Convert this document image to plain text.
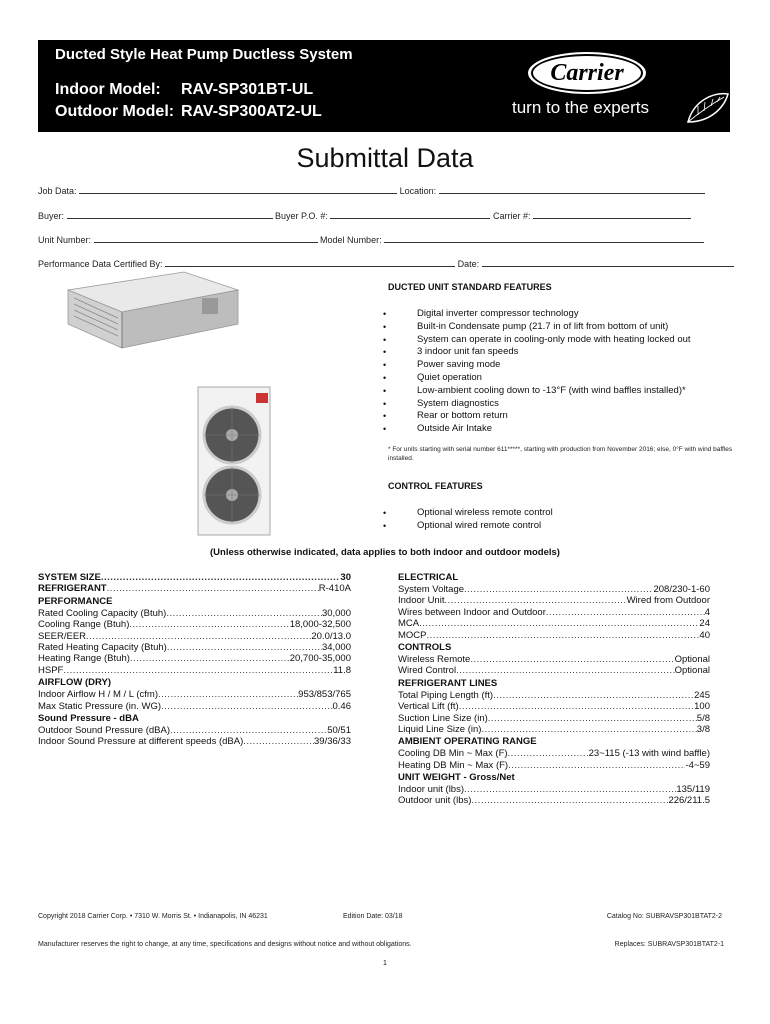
Ducted Style Heat Pump Ductless System
Indoor Model: RAV-SP301BT-UL
Outdoor Model: RAV-SP300AT2-UL
Carrier
turn to the experts
Submittal Data
Job Data:	Location:
Buyer:	Buyer P.O. #:	Carrier #:
Unit Number:	Model Number:
Performance Data Certified By:	Date:
DUCTED UNIT STANDARD FEATURES
• Digital inverter compressor technology
• Built-in Condensate pump (21.7 in of lift from bottom of unit)
• System can operate in cooling-only mode with heating locked out
• 3 indoor unit fan speeds
• Power saving mode
• Quiet operation
• Low-ambient cooling down to -13°F (with wind baffles installed)*
• System diagnostics
• Rear or bottom return
• Outside Air Intake
* For units starting with serial number 611*****, starting with production from November 2016; else, 0°F with wind baffles installed.
CONTROL FEATURES
• Optional wireless remote control
• Optional wired remote control
(Unless otherwise indicated, data applies to both indoor and outdoor models)
SYSTEM SIZE .....	30
REFRIGERANT .....	R-410A
PERFORMANCE
Rated Cooling Capacity (Btuh) .....	30,000
Cooling Range (Btuh) .....	18,000-32,500
SEER/EER .....	20.0/13.0
Rated Heating Capacity (Btuh) .....	34,000
Heating Range (Btuh) .....	20,700-35,000
HSPF .....	11.8
AIRFLOW (DRY)
Indoor Airflow H / M / L (cfm) .....	953/853/765
Max Static Pressure (in. WG) .....	0.46
Sound Pressure - dBA
Outdoor Sound Pressure (dBA) .....	50/51
Indoor Sound Pressure at different speeds (dBA) .....	39/36/33
ELECTRICAL
System Voltage .....	208/230-1-60
Indoor Unit .....	Wired from Outdoor
Wires between Indoor and Outdoor .....	4
MCA .....	24
MOCP .....	40
CONTROLS
Wireless Remote .....	Optional
Wired Control .....	Optional
REFRIGERANT LINES
Total Piping Length (ft) .....	245
Vertical Lift (ft) .....	100
Suction Line Size (in) .....	5/8
Liquid Line Size (in) .....	3/8
AMBIENT OPERATING RANGE
Cooling DB Min ~ Max (F) .....	23~115 (-13 with wind baffle)
Heating DB Min ~ Max (F) .....	-4~59
UNIT WEIGHT - Gross/Net
Indoor unit (lbs) .....	135/119
Outdoor unit (lbs) .....	226/211.5
Copyright 2018 Carrier Corp. • 7310 W. Morris St. • Indianapolis, IN 46231	Edition Date: 03/18	Catalog No: SUBRAVSP301BTAT2-2
Manufacturer reserves the right to change, at any time, specifications and designs without notice and without obligations.	Replaces: SUBRAVSP301BTAT2-1
1
